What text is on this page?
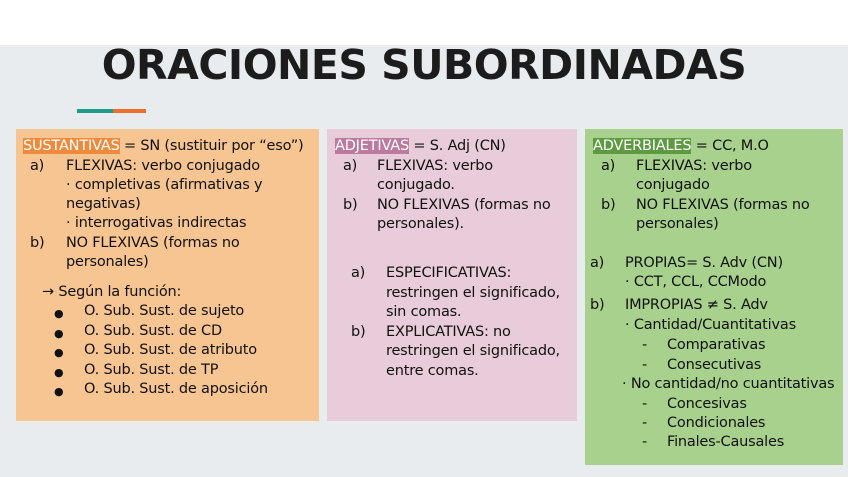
ORACIONES SUBORDINADAS
SUSTANTIVAS = SN (sustituir por “eso”)
a) FLEXIVAS: verbo conjugado
· completivas (afirmativas y
negativas)
· interrogativas indirectas
b) NO FLEXIVAS (formas no
personales)
→ Según la función:
● O. Sub. Sust. de sujeto
● O. Sub. Sust. de CD
● O. Sub. Sust. de atributo
● O. Sub. Sust. de TP
● O. Sub. Sust. de aposición
ADJETIVAS = S. Adj (CN)
a) FLEXIVAS: verbo
conjugado.
b) NO FLEXIVAS (formas no
personales).
a) ESPECIFICATIVAS:
restringen el significado,
sin comas.
b) EXPLICATIVAS: no
restringen el significado,
entre comas.
ADVERBIALES = CC, M.O
a) FLEXIVAS: verbo
conjugado
b) NO FLEXIVAS (formas no
personales)
a) PROPIAS= S. Adv (CN)
· CCT, CCL, CCModo
b) IMPROPIAS ≠ S. Adv
· Cantidad/Cuantitativas
- Comparativas
- Consecutivas
· No cantidad/no cuantitativas
- Concesivas
- Condicionales
- Finales-Causales
